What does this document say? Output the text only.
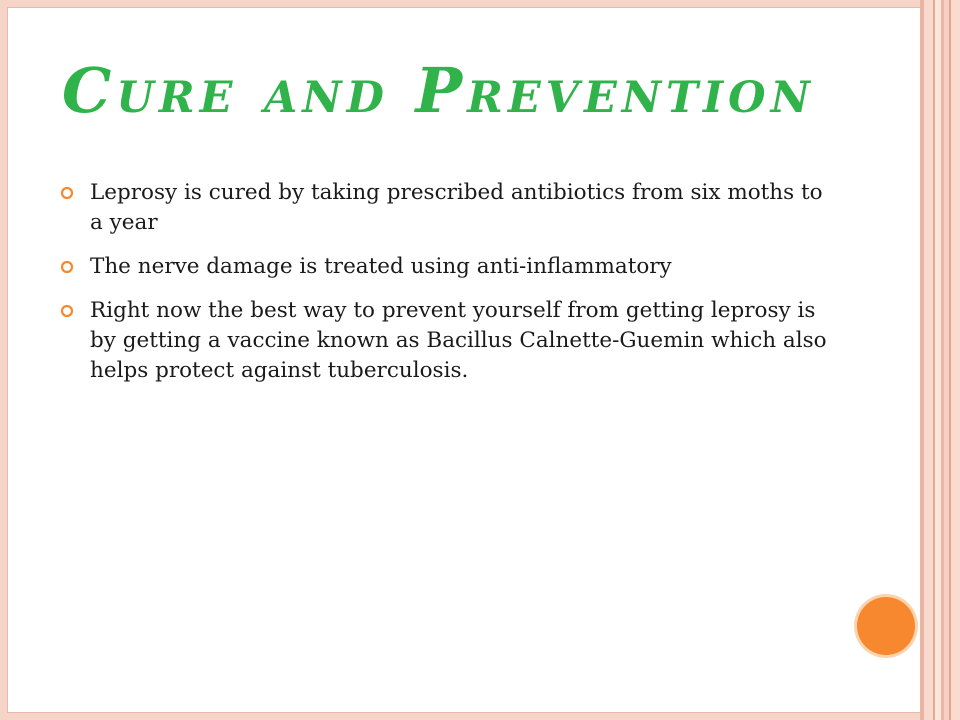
Cure and Prevention
Leprosy is cured by taking prescribed antibiotics from six moths to a year
The nerve damage is treated using anti-inflammatory
Right now the best way to prevent yourself from getting leprosy is by getting a vaccine known as Bacillus Calnette-Guemin which also helps protect against tuberculosis.
